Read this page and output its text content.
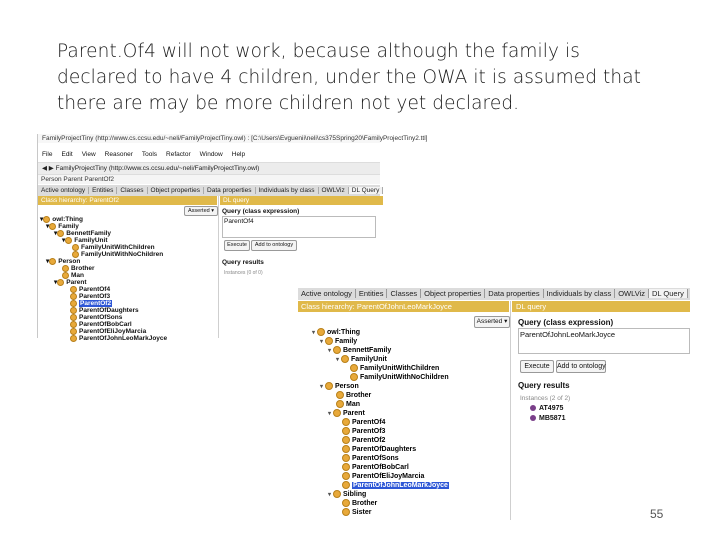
Parent.Of4 will not work, because although the family is
declared to have 4 children, under the OWA it is assumed that
there are may be more children not yet declared.
FamilyProjectTiny (http://www.cs.ccsu.edu/~neli/FamilyProjectTiny.owl) : [C:\Users\Evguenii\neli\cs375Spring20\FamilyProjectTiny2.ttl]
File Edit View Reasoner Tools Refactor Window Help
◀ ▶ FamilyProjectTiny (http://www.cs.ccsu.edu/~neli/FamilyProjectTiny.owl)
Person Parent ParentOf2
Active ontology Entities Classes Object properties Data properties Individuals by class OWLViz DL Query
Class hierarchy: ParentOf2	DL query
Asserted ▾
▾ owl:Thing
▾ Family
▾ BennettFamily
▾ FamilyUnit
FamilyUnitWithChildren
FamilyUnitWithNoChildren
▾ Person
Brother
Man
▾ Parent
ParentOf4
ParentOf3
ParentOf2
ParentOfDaughters
ParentOfSons
ParentOfBobCarl
ParentOfEliJoyMarcia
ParentOfJohnLeoMarkJoyce
Query (class expression)
ParentOf4
Execute	Add to ontology
Query results
Instances (0 of 0)
Active ontology Entities Classes Object properties Data properties Individuals by class OWLViz DL Query
Class hierarchy: ParentOfJohnLeoMarkJoyce	DL query
Asserted ▾
▾ owl:Thing
▾ Family
▾ BennettFamily
▾ FamilyUnit
FamilyUnitWithChildren
FamilyUnitWithNoChildren
▾ Person
Brother
Man
▾ Parent
ParentOf4
ParentOf3
ParentOf2
ParentOfDaughters
ParentOfSons
ParentOfBobCarl
ParentOfEliJoyMarcia
ParentOfJohnLeoMarkJoyce
▾ Sibling
Brother
Sister
Query (class expression)
ParentOfJohnLeoMarkJoyce
Execute	Add to ontology
Query results
Instances (2 of 2)
AT4975
MB5871
55
